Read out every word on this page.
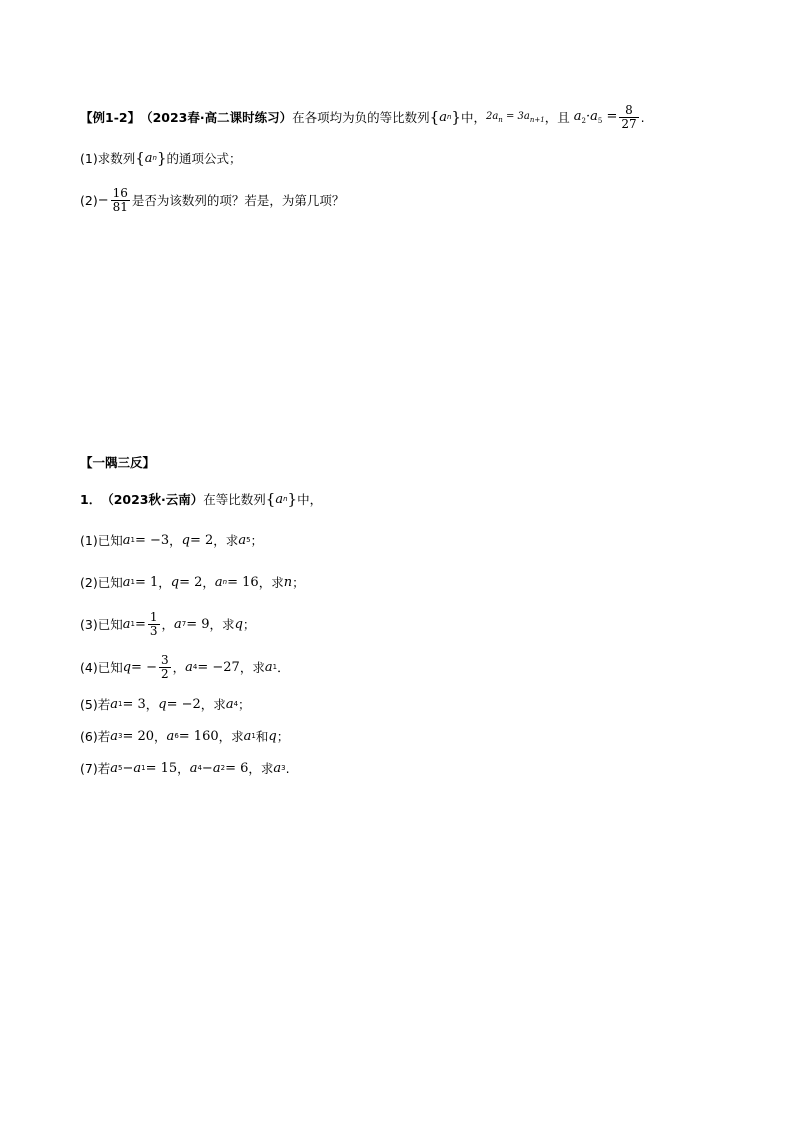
【例1-2】 （2023春·高二课时练习） 在各项均为负的等比数列 { a n } 中， $2a_n = 3a_{n+1}$ ，且 $a_2\cdot a_5 = \frac{8}{27}$ .
(1)求数列 { a n } 的通项公式；
$(2) - \frac{16}{81}$ 是否为该数列的项？若是，为第几项？
【一隅三反】
1． （2023秋·云南） 在等比数列 { a n } 中，
(1)已知 a 1 = −3 ， q = 2 ，求 a 5 ；
(2)已知 a 1 = 1 ， q = 2 ， a n = 16 ，求 n ；
(3)已知 a $1 = \frac{1}{3}$ ， a 7 = 9 ，求 q ；
(4)已知 q = − $\frac{3}{2}$ ， a 4 = −27 ，求 a 1 ．
(5)若 a 1 = 3 ， q = −2 ，求 a 4 ；
(6)若 a 3 = 20 ， a 6 = 160 ，求 a 1 和 q ；
(7)若 a 5 − a 1 = 15 ， a 4 − a 2 = 6 ，求 a 3 .
